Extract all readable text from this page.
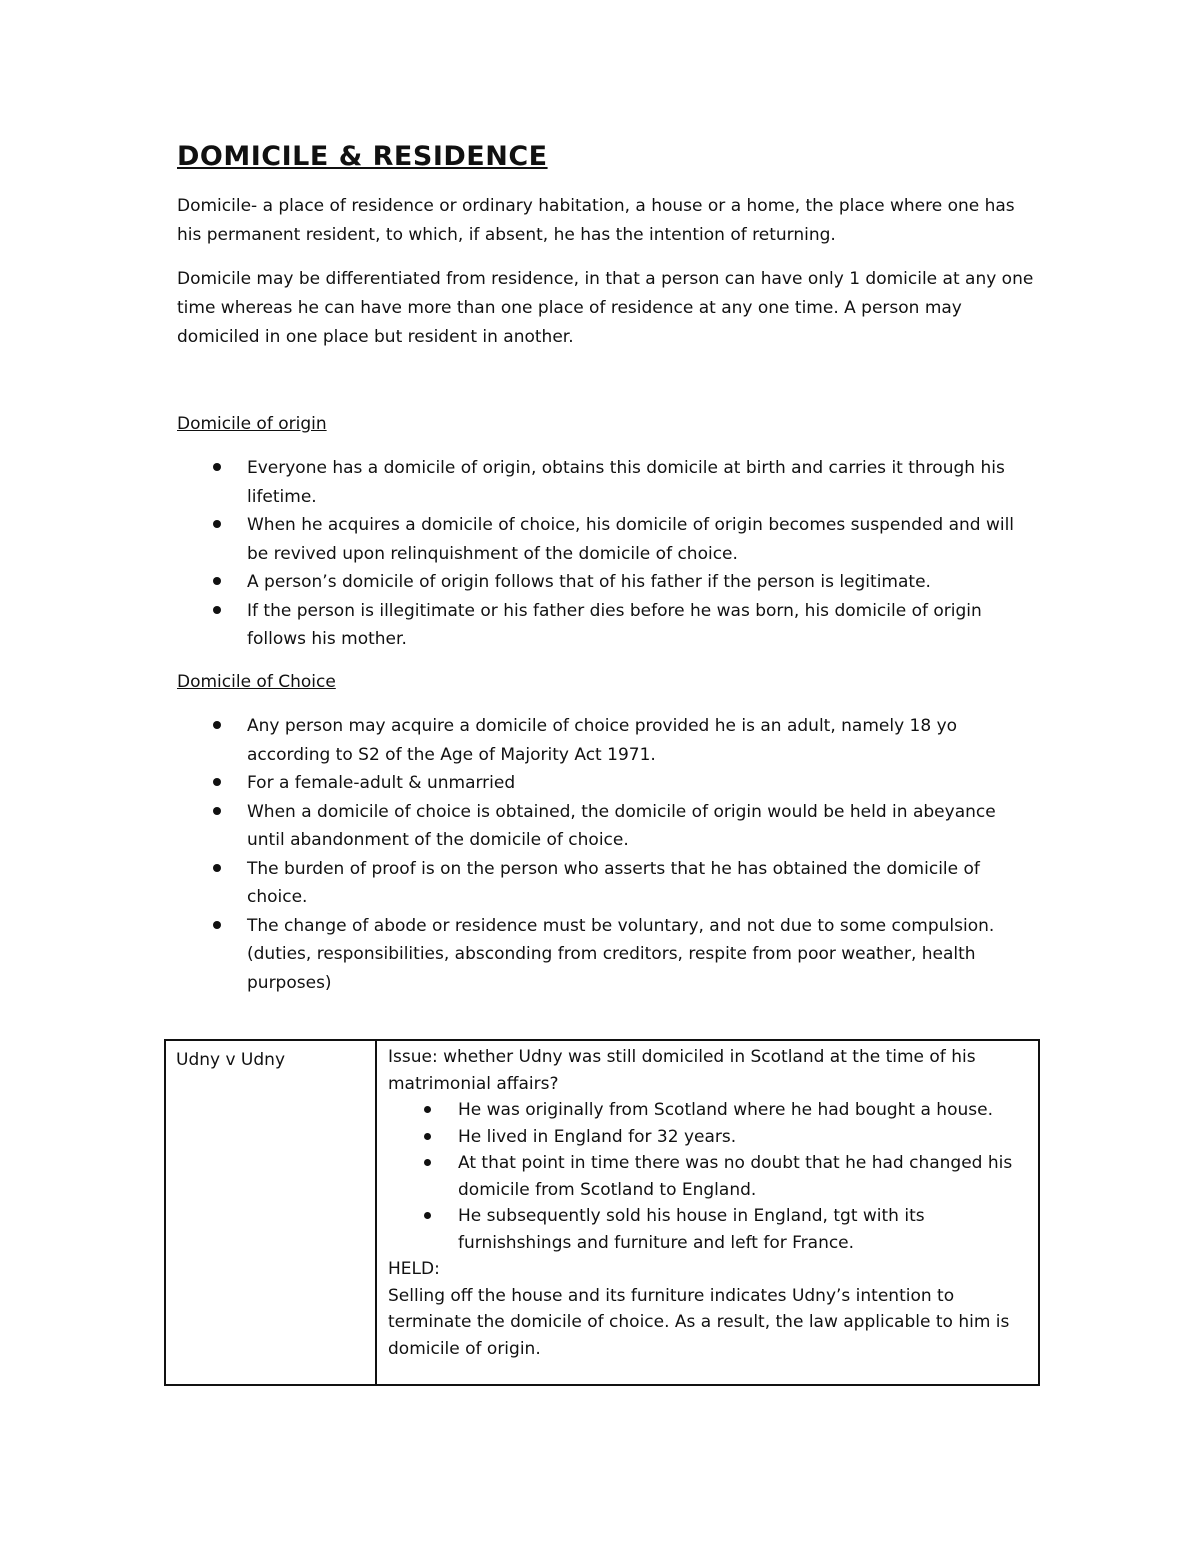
DOMICILE & RESIDENCE

Domicile- a place of residence or ordinary habitation, a house or a home, the place where one has his permanent resident, to which, if absent, he has the intention of returning.

Domicile may be differentiated from residence, in that a person can have only 1 domicile at any one time whereas he can have more than one place of residence at any one time. A person may domiciled in one place but resident in another.

Domicile of origin

Everyone has a domicile of origin, obtains this domicile at birth and carries it through his lifetime.
When he acquires a domicile of choice, his domicile of origin becomes suspended and will be revived upon relinquishment of the domicile of choice.
A person’s domicile of origin follows that of his father if the person is legitimate.
If the person is illegitimate or his father dies before he was born, his domicile of origin follows his mother.

Domicile of Choice

Any person may acquire a domicile of choice provided he is an adult, namely 18 yo according to S2 of the Age of Majority Act 1971.
For a female-adult & unmarried
When a domicile of choice is obtained, the domicile of origin would be held in abeyance until abandonment of the domicile of choice.
The burden of proof is on the person who asserts that he has obtained the domicile of choice.
The change of abode or residence must be voluntary, and not due to some compulsion. (duties, responsibilities, absconding from creditors, respite from poor weather, health purposes)
Udny v Udny	Issue: whether Udny was still domiciled in Scotland at the time of his matrimonial affairs?

He was originally from Scotland where he had bought a house.
He lived in England for 32 years.
At that point in time there was no doubt that he had changed his domicile from Scotland to England.
He subsequently sold his house in England, tgt with its furnishshings and furniture and left for France.

HELD:

Selling off the house and its furniture indicates Udny’s intention to terminate the domicile of choice. As a result, the law applicable to him is domicile of origin.
